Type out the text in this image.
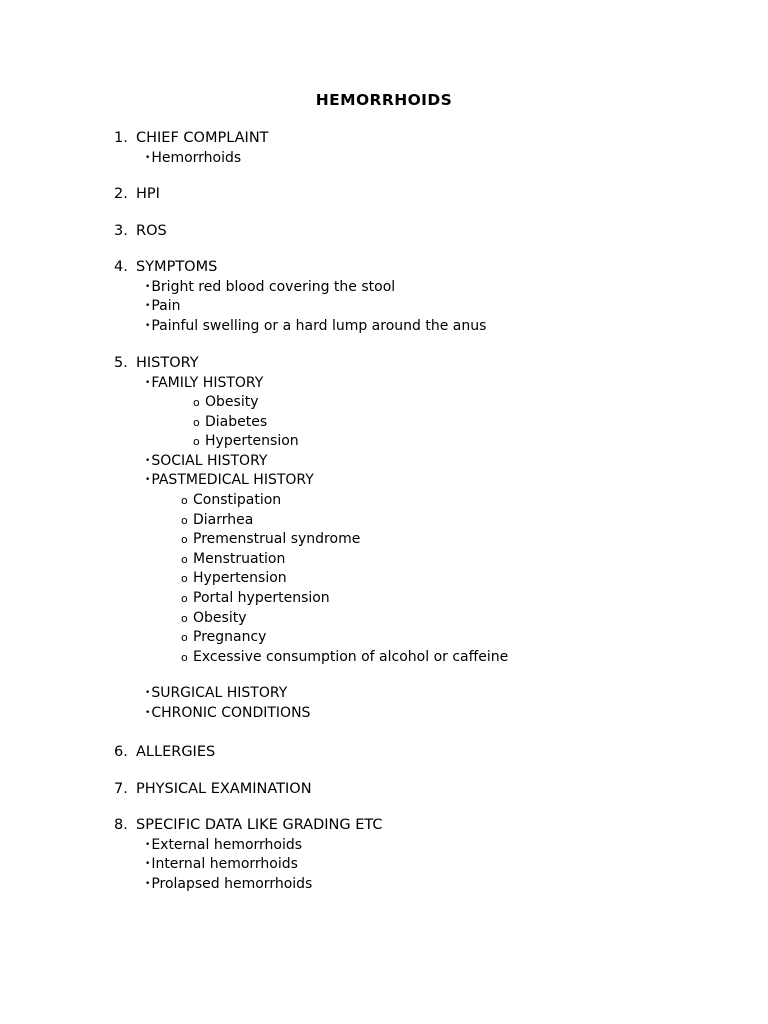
HEMORRHOIDS
1. CHIEF COMPLAINT
•Hemorrhoids
2. HPI
3. ROS
4. SYMPTOMS
•Bright red blood covering the stool
•Pain
•Painful swelling or a hard lump around the anus
5. HISTORY
•FAMILY HISTORY
o Obesity
o Diabetes
o Hypertension
•SOCIAL HISTORY
•PASTMEDICAL HISTORY
o Constipation
o Diarrhea
o Premenstrual syndrome
o Menstruation
o Hypertension
o Portal hypertension
o Obesity
o Pregnancy
o Excessive consumption of alcohol or caffeine
•SURGICAL HISTORY
•CHRONIC CONDITIONS
6. ALLERGIES
7. PHYSICAL EXAMINATION
8. SPECIFIC DATA LIKE GRADING ETC
•External hemorrhoids
•Internal hemorrhoids
•Prolapsed hemorrhoids
